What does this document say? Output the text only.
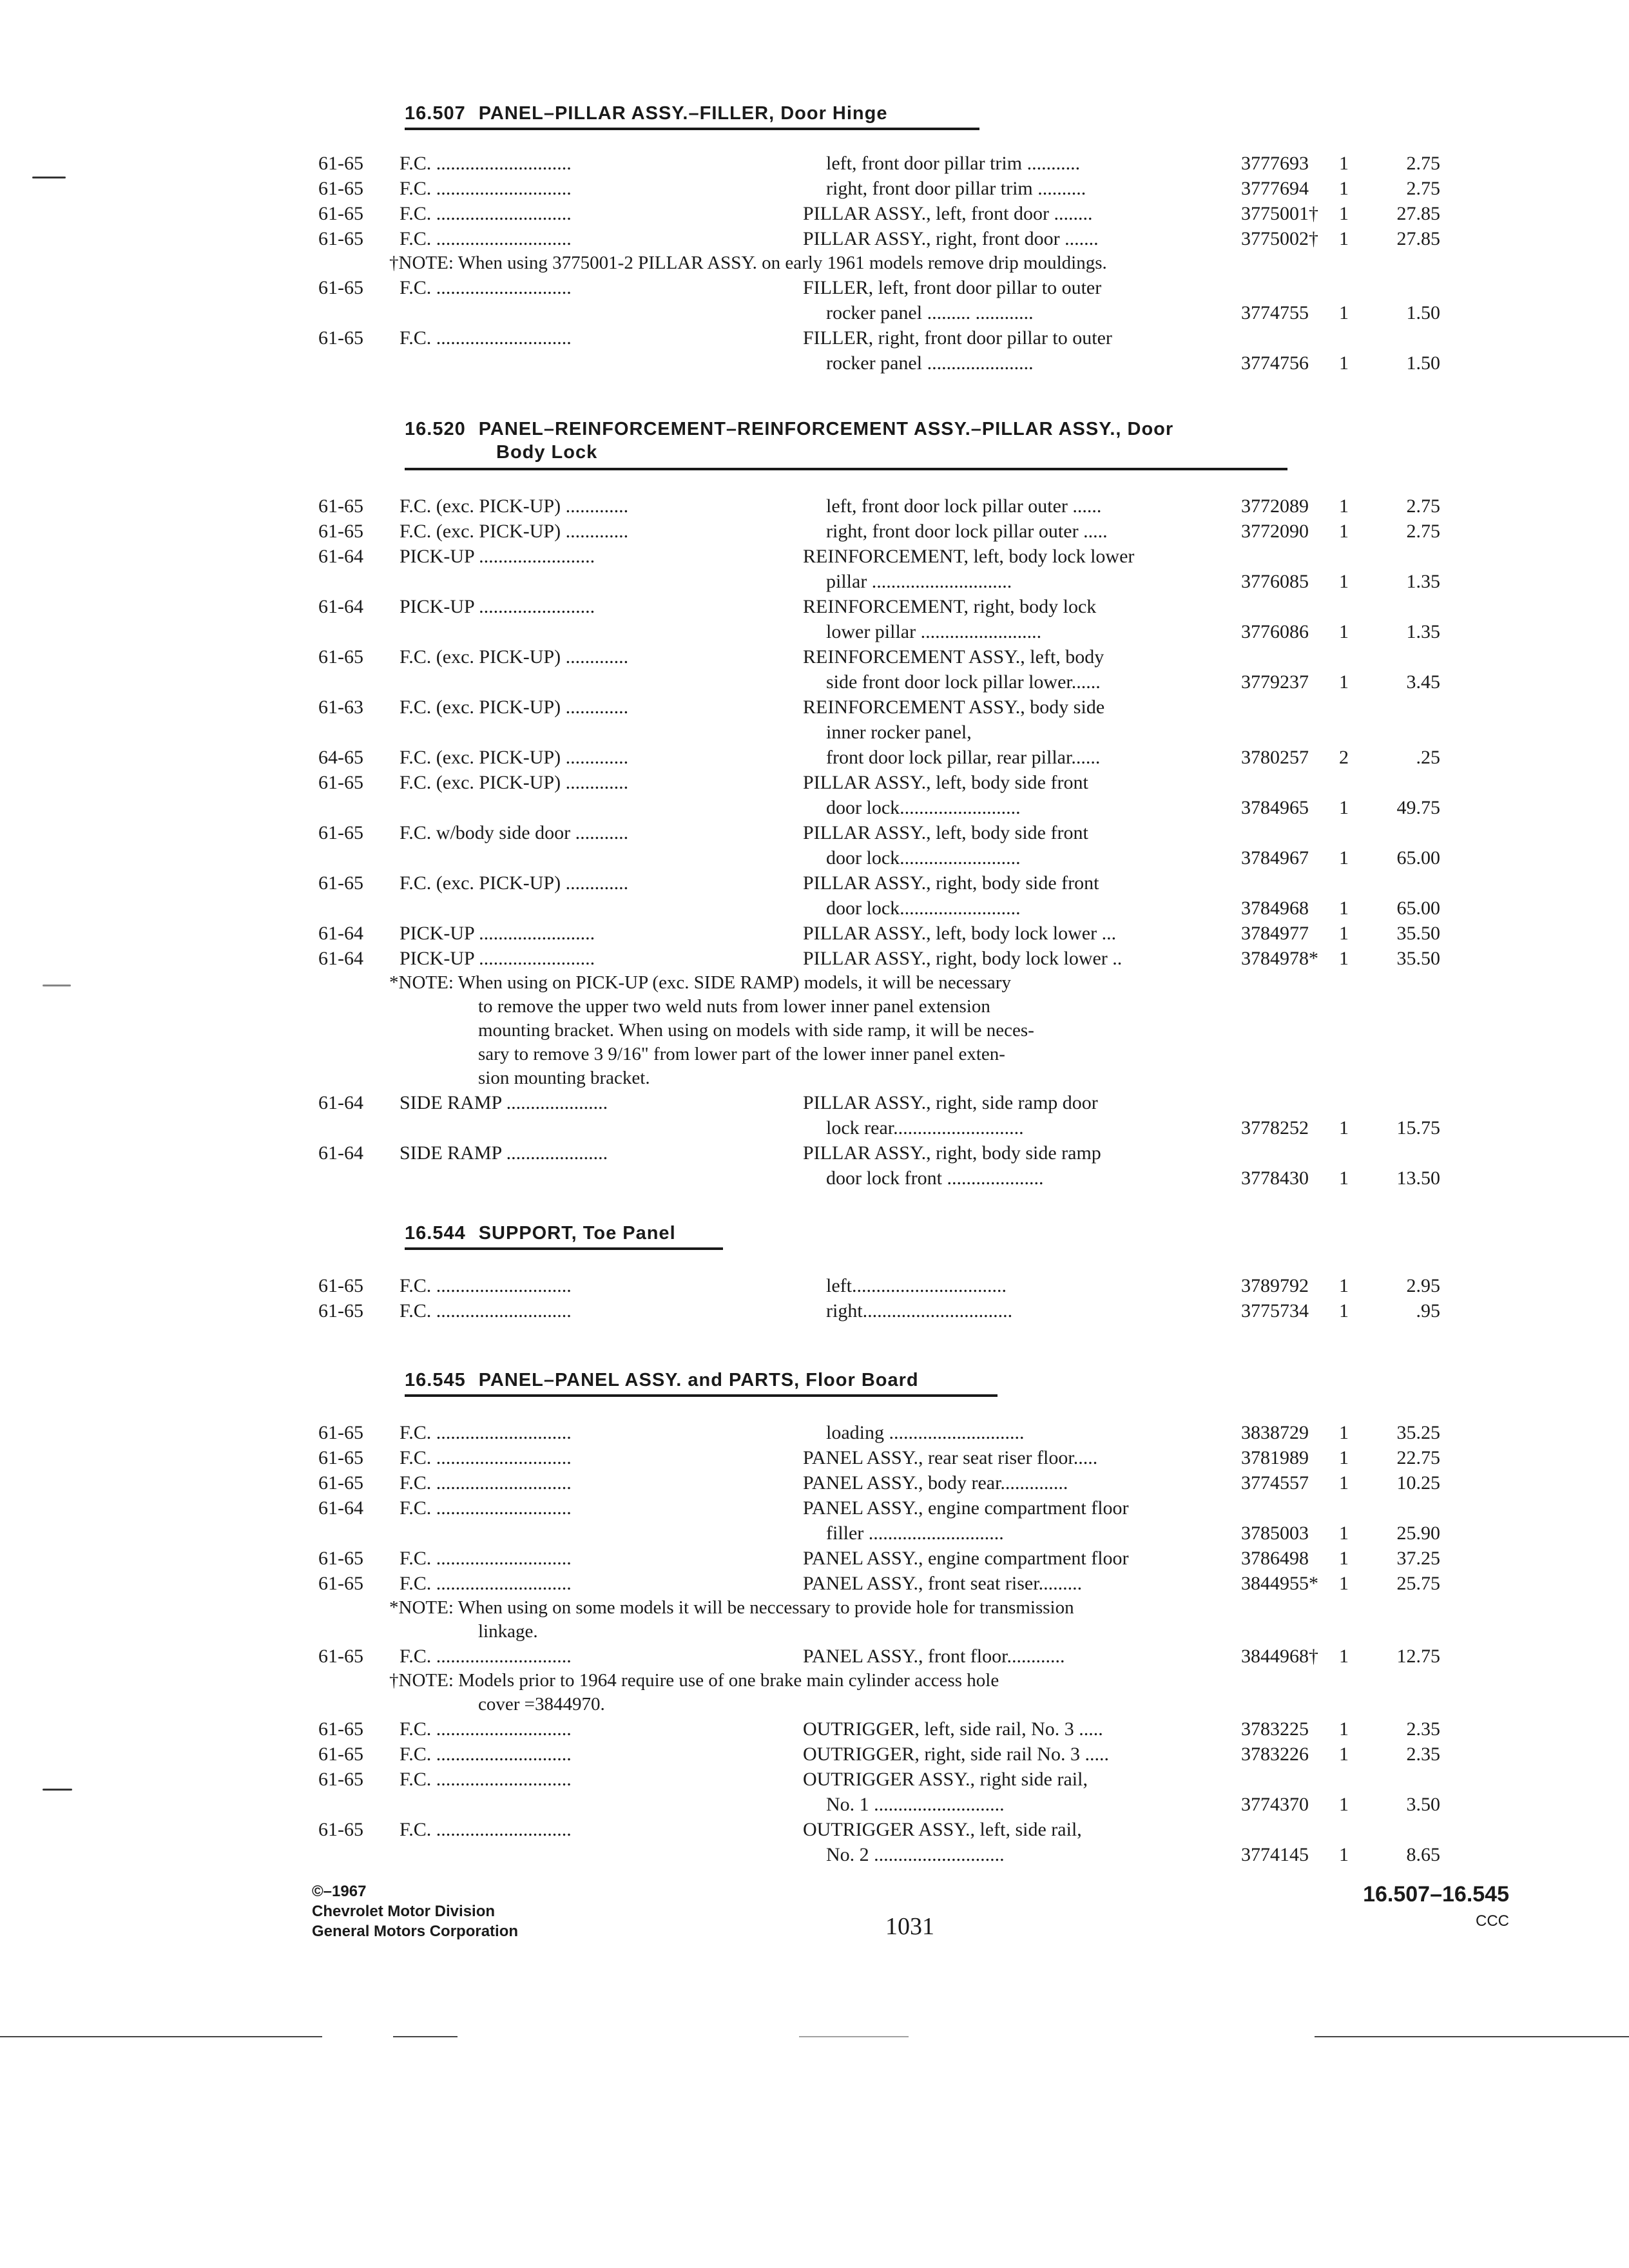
16.507 PANEL–PILLAR ASSY.–FILLER, Door Hinge
61-65 F.C. ............................	left, front door pillar trim ...........	3777693 1	2.75
61-65 F.C. ............................	right, front door pillar trim ..........	3777694 1	2.75
61-65 F.C. ............................	PILLAR ASSY., left, front door ........	3775001† 1	27.85
61-65 F.C. ............................	PILLAR ASSY., right, front door .......	3775002† 1	27.85
†NOTE: When using 3775001-2 PILLAR ASSY. on early 1961 models remove drip mouldings.
61-65 F.C. ............................	FILLER, left, front door pillar to outer
rocker panel ......... ............	3774755 1	1.50
61-65 F.C. ............................	FILLER, right, front door pillar to outer
rocker panel ......................	3774756 1	1.50
16.520 PANEL–REINFORCEMENT–REINFORCEMENT ASSY.–PILLAR ASSY., Door
Body Lock
61-65 F.C. (exc. PICK-UP) .............	left, front door lock pillar outer ......	3772089 1	2.75
61-65 F.C. (exc. PICK-UP) .............	right, front door lock pillar outer .....	3772090 1	2.75
61-64 PICK-UP ........................	REINFORCEMENT, left, body lock lower
pillar .............................	3776085 1	1.35
61-64 PICK-UP ........................	REINFORCEMENT, right, body lock
lower pillar .........................	3776086 1	1.35
61-65 F.C. (exc. PICK-UP) .............	REINFORCEMENT ASSY., left, body
side front door lock pillar lower......	3779237 1	3.45
61-63 F.C. (exc. PICK-UP) .............	REINFORCEMENT ASSY., body side
inner rocker panel,
64-65 F.C. (exc. PICK-UP) .............	front door lock pillar, rear pillar......	3780257 2	.25
61-65 F.C. (exc. PICK-UP) .............	PILLAR ASSY., left, body side front
door lock.........................	3784965 1	49.75
61-65 F.C. w/body side door ...........	PILLAR ASSY., left, body side front
door lock.........................	3784967 1	65.00
61-65 F.C. (exc. PICK-UP) .............	PILLAR ASSY., right, body side front
door lock.........................	3784968 1	65.00
61-64 PICK-UP ........................	PILLAR ASSY., left, body lock lower ...	3784977 1	35.50
61-64 PICK-UP ........................	PILLAR ASSY., right, body lock lower ..	3784978* 1	35.50
*NOTE: When using on PICK-UP (exc. SIDE RAMP) models, it will be necessary
to remove the upper two weld nuts from lower inner panel extension
mounting bracket. When using on models with side ramp, it will be neces-
sary to remove 3 9/16" from lower part of the lower inner panel exten-
sion mounting bracket.
61-64 SIDE RAMP .....................	PILLAR ASSY., right, side ramp door
lock rear...........................	3778252 1	15.75
61-64 SIDE RAMP .....................	PILLAR ASSY., right, body side ramp
door lock front ....................	3778430 1	13.50
16.544 SUPPORT, Toe Panel
61-65 F.C. ............................	left................................	3789792 1	2.95
61-65 F.C. ............................	right...............................	3775734 1	.95
16.545 PANEL–PANEL ASSY. and PARTS, Floor Board
61-65 F.C. ............................	loading ............................	3838729 1	35.25
61-65 F.C. ............................	PANEL ASSY., rear seat riser floor.....	3781989 1	22.75
61-65 F.C. ............................	PANEL ASSY., body rear..............	3774557 1	10.25
61-64 F.C. ............................	PANEL ASSY., engine compartment floor
filler ............................	3785003 1	25.90
61-65 F.C. ............................	PANEL ASSY., engine compartment floor	3786498 1	37.25
61-65 F.C. ............................	PANEL ASSY., front seat riser.........	3844955* 1	25.75
*NOTE: When using on some models it will be neccessary to provide hole for transmission
linkage.
61-65 F.C. ............................	PANEL ASSY., front floor............	3844968† 1	12.75
†NOTE: Models prior to 1964 require use of one brake main cylinder access hole
cover =3844970.
61-65 F.C. ............................	OUTRIGGER, left, side rail, No. 3 .....	3783225 1	2.35
61-65 F.C. ............................	OUTRIGGER, right, side rail No. 3 .....	3783226 1	2.35
61-65 F.C. ............................	OUTRIGGER ASSY., right side rail,
No. 1 ...........................	3774370 1	3.50
61-65 F.C. ............................	OUTRIGGER ASSY., left, side rail,
No. 2 ...........................	3774145 1	8.65
©–1967
Chevrolet Motor Division
General Motors Corporation	1031
16.507–16.545
CCC
